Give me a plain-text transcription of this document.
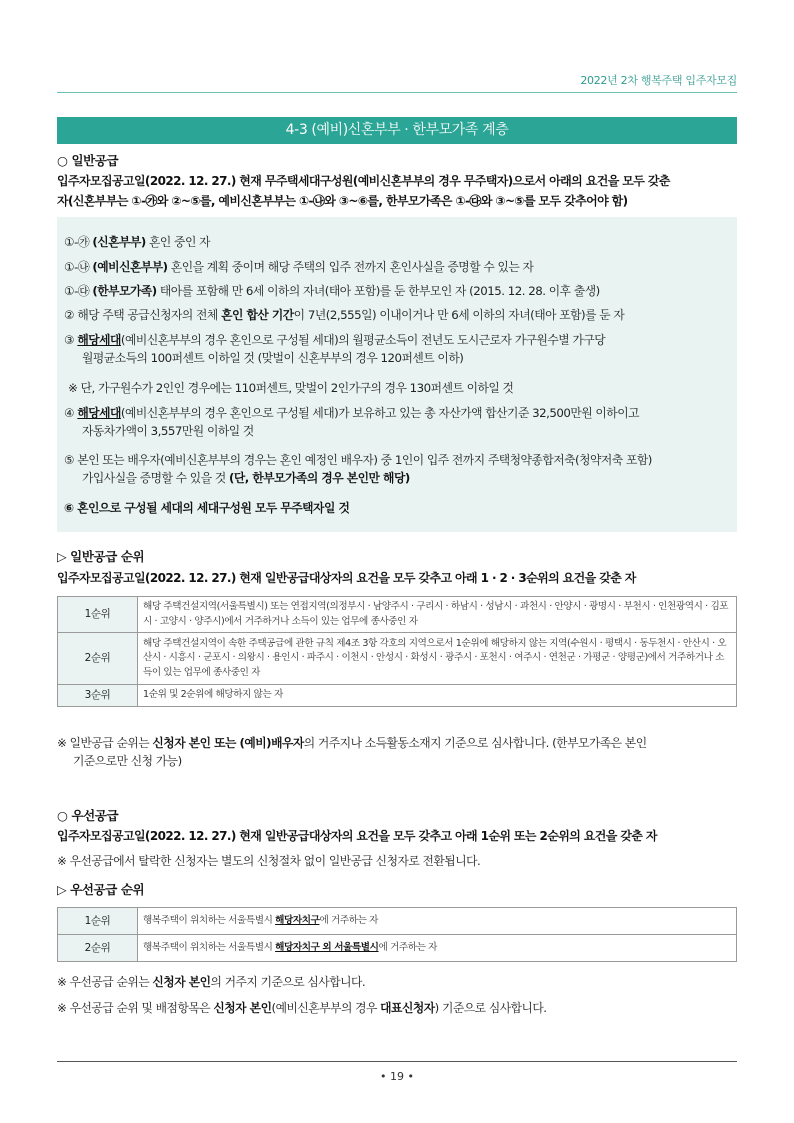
2022년 2차 행복주택 입주자모집
4-3 (예비)신혼부부 · 한부모가족 계층
○ 일반공급
입주자모집공고일(2022. 12. 27.) 현재 무주택세대구성원(예비신혼부부의 경우 무주택자)으로서 아래의 요건을 모두 갖춘
자(신혼부부는 ①-㉮와 ②~⑤를, 예비신혼부부는 ①-㉯와 ③~⑥를, 한부모가족은 ①-㉰와 ③~⑤를 모두 갖추어야 함)
①-㉮ (신혼부부) 혼인 중인 자
①-㉯ (예비신혼부부) 혼인을 계획 중이며 해당 주택의 입주 전까지 혼인사실을 증명할 수 있는 자
①-㉰ (한부모가족) 태아를 포함해 만 6세 이하의 자녀(태아 포함)를 둔 한부모인 자 (2015. 12. 28. 이후 출생)
② 해당 주택 공급신청자의 전체 혼인 합산 기간이 7년(2,555일) 이내이거나 만 6세 이하의 자녀(태아 포함)를 둔 자
③ 해당세대(예비신혼부부의 경우 혼인으로 구성될 세대)의 월평균소득이 전년도 도시근로자 가구원수별 가구당
월평균소득의 100퍼센트 이하일 것 (맞벌이 신혼부부의 경우 120퍼센트 이하)
※ 단, 가구원수가 2인인 경우에는 110퍼센트, 맞벌이 2인가구의 경우 130퍼센트 이하일 것
④ 해당세대(예비신혼부부의 경우 혼인으로 구성될 세대)가 보유하고 있는 총 자산가액 합산기준 32,500만원 이하이고
자동차가액이 3,557만원 이하일 것
⑤ 본인 또는 배우자(예비신혼부부의 경우는 혼인 예정인 배우자) 중 1인이 입주 전까지 주택청약종합저축(청약저축 포함)
가입사실을 증명할 수 있을 것 (단, 한부모가족의 경우 본인만 해당)
⑥ 혼인으로 구성될 세대의 세대구성원 모두 무주택자일 것
▷ 일반공급 순위
입주자모집공고일(2022. 12. 27.) 현재 일반공급대상자의 요건을 모두 갖추고 아래 1 · 2 · 3순위의 요건을 갖춘 자
1순위	해당 주택건설지역(서울특별시) 또는 연접지역(의정부시 · 남양주시 · 구리시 · 하남시 · 성남시 · 과천시 · 안양시 · 광명시 · 부천시 · 인천광역시 · 김포시 · 고양시 · 양주시)에서 거주하거나 소득이 있는 업무에 종사중인 자
2순위	해당 주택건설지역이 속한 주택공급에 관한 규칙 제4조 3항 각호의 지역으로서 1순위에 해당하지 않는 지역(수원시 · 평택시 · 동두천시 · 안산시 · 오산시 · 시흥시 · 군포시 · 의왕시 · 용인시 · 파주시 · 이천시 · 안성시 · 화성시 · 광주시 · 포천시 · 여주시 · 연천군 · 가평군 · 양평군)에서 거주하거나 소득이 있는 업무에 종사중인 자
3순위	1순위 및 2순위에 해당하지 않는 자
※ 일반공급 순위는 신청자 본인 또는 (예비)배우자의 거주지나 소득활동소재지 기준으로 심사합니다. (한부모가족은 본인
기준으로만 신청 가능)
○ 우선공급
입주자모집공고일(2022. 12. 27.) 현재 일반공급대상자의 요건을 모두 갖추고 아래 1순위 또는 2순위의 요건을 갖춘 자
※ 우선공급에서 탈락한 신청자는 별도의 신청절차 없이 일반공급 신청자로 전환됩니다.
▷ 우선공급 순위
1순위	행복주택이 위치하는 서울특별시 해당자치구에 거주하는 자
2순위	행복주택이 위치하는 서울특별시 해당자치구 외 서울특별시에 거주하는 자
※ 우선공급 순위는 신청자 본인의 거주지 기준으로 심사합니다.
※ 우선공급 순위 및 배점항목은 신청자 본인(예비신혼부부의 경우 대표신청자) 기준으로 심사합니다.
• 19 •
